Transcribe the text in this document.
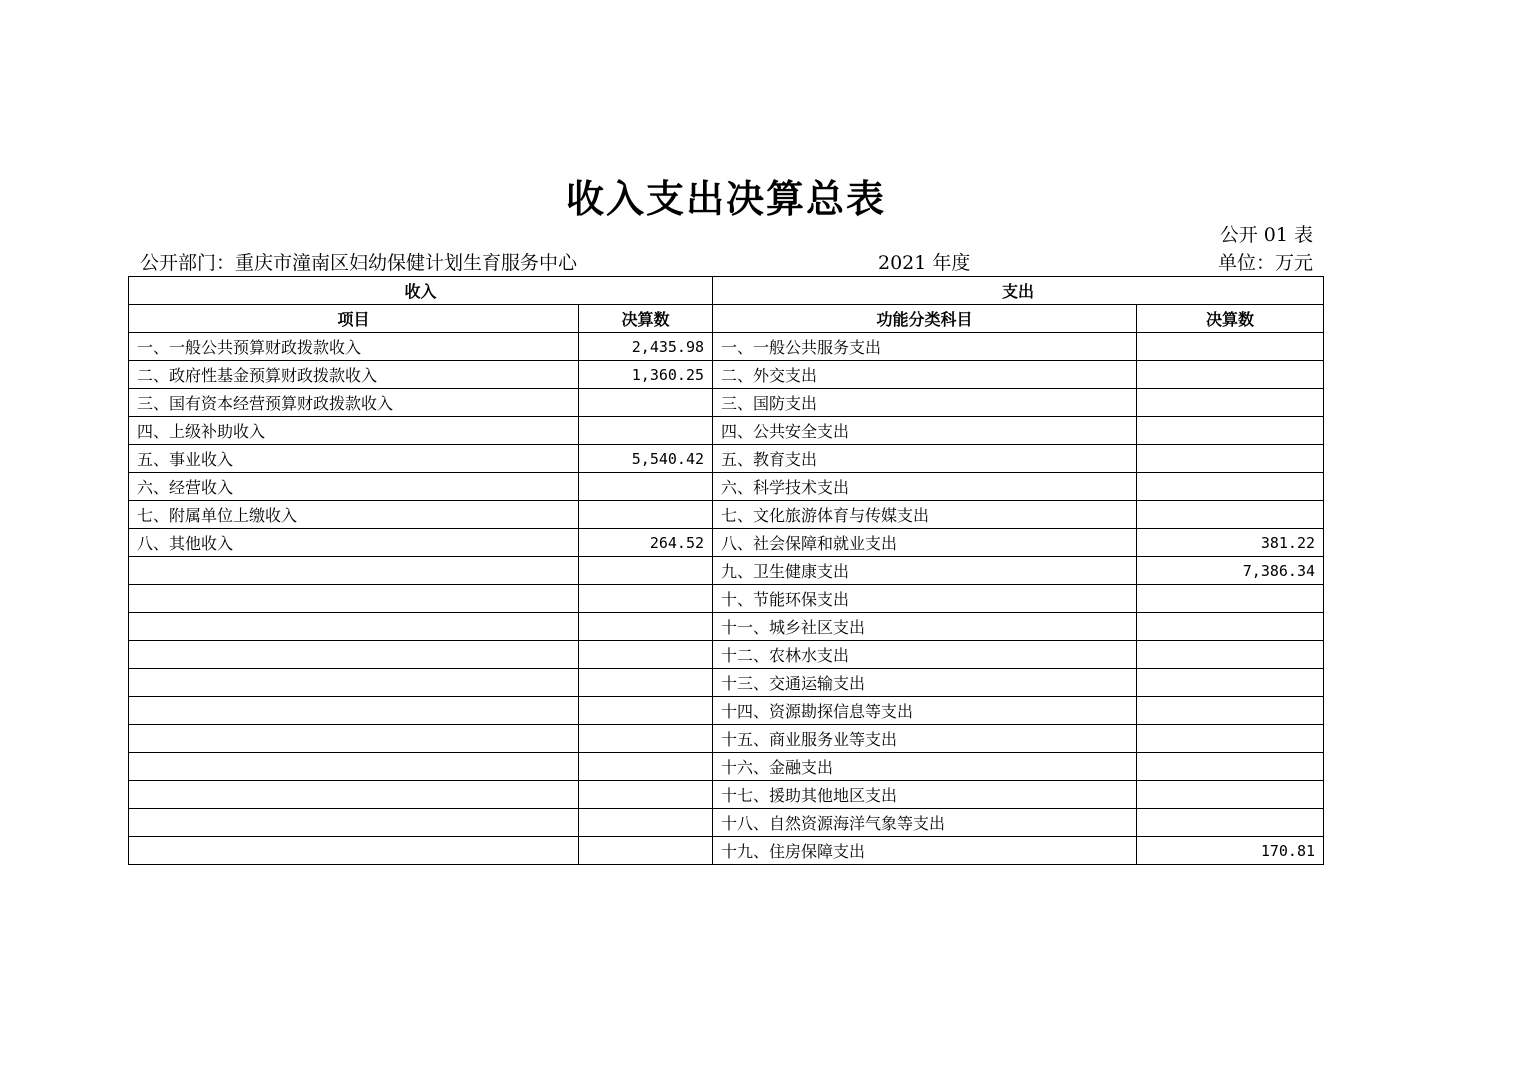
收入支出决算总表
公开 01 表
公开部门：重庆市潼南区妇幼保健计划生育服务中心	2021 年度	单位：万元
收入		支出	
项目	决算数	功能分类科目	决算数
一、一般公共预算财政拨款收入	2,435.98	一、一般公共服务支出	
二、政府性基金预算财政拨款收入	1,360.25	二、外交支出	
三、国有资本经营预算财政拨款收入		三、国防支出	
四、上级补助收入		四、公共安全支出	
五、事业收入	5,540.42	五、教育支出	
六、经营收入		六、科学技术支出	
七、附属单位上缴收入		七、文化旅游体育与传媒支出	
八、其他收入	264.52	八、社会保障和就业支出	381.22
		九、卫生健康支出	7,386.34
		十、节能环保支出	
		十一、城乡社区支出	
		十二、农林水支出	
		十三、交通运输支出	
		十四、资源勘探信息等支出	
		十五、商业服务业等支出	
		十六、金融支出	
		十七、援助其他地区支出	
		十八、自然资源海洋气象等支出	
		十九、住房保障支出	170.81
